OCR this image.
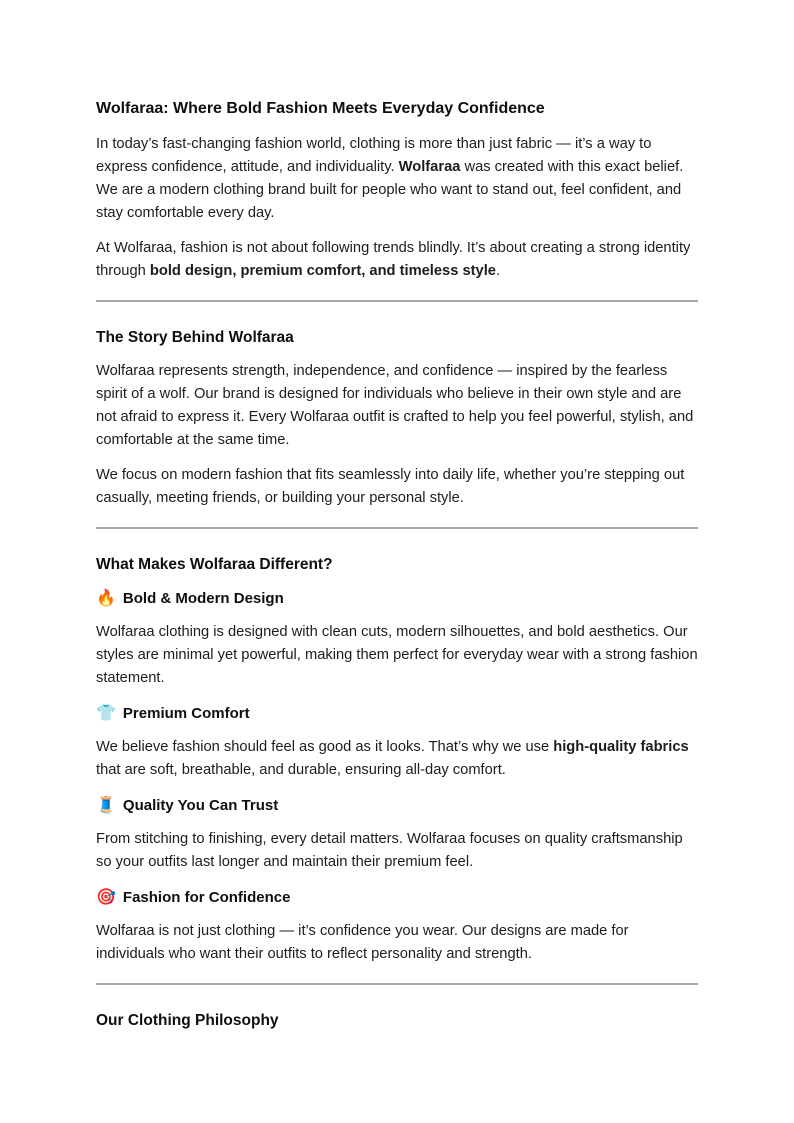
Wolfaraa: Where Bold Fashion Meets Everyday Confidence

In today’s fast-changing fashion world, clothing is more than just fabric — it’s a way to express confidence, attitude, and individuality. Wolfaraa was created with this exact belief. We are a modern clothing brand built for people who want to stand out, feel confident, and stay comfortable every day.

At Wolfaraa, fashion is not about following trends blindly. It’s about creating a strong identity through bold design, premium comfort, and timeless style.

The Story Behind Wolfaraa

Wolfaraa represents strength, independence, and confidence — inspired by the fearless spirit of a wolf. Our brand is designed for individuals who believe in their own style and are not afraid to express it. Every Wolfaraa outfit is crafted to help you feel powerful, stylish, and comfortable at the same time.

We focus on modern fashion that fits seamlessly into daily life, whether you’re stepping out casually, meeting friends, or building your personal style.

What Makes Wolfaraa Different?
🔥 Bold & Modern Design

Wolfaraa clothing is designed with clean cuts, modern silhouettes, and bold aesthetics. Our styles are minimal yet powerful, making them perfect for everyday wear with a strong fashion statement.

👕 Premium Comfort

We believe fashion should feel as good as it looks. That’s why we use high-quality fabrics that are soft, breathable, and durable, ensuring all-day comfort.

🧵 Quality You Can Trust

From stitching to finishing, every detail matters. Wolfaraa focuses on quality craftsmanship so your outfits last longer and maintain their premium feel.

🎯 Fashion for Confidence

Wolfaraa is not just clothing — it’s confidence you wear. Our designs are made for individuals who want their outfits to reflect personality and strength.

Our Clothing Philosophy
